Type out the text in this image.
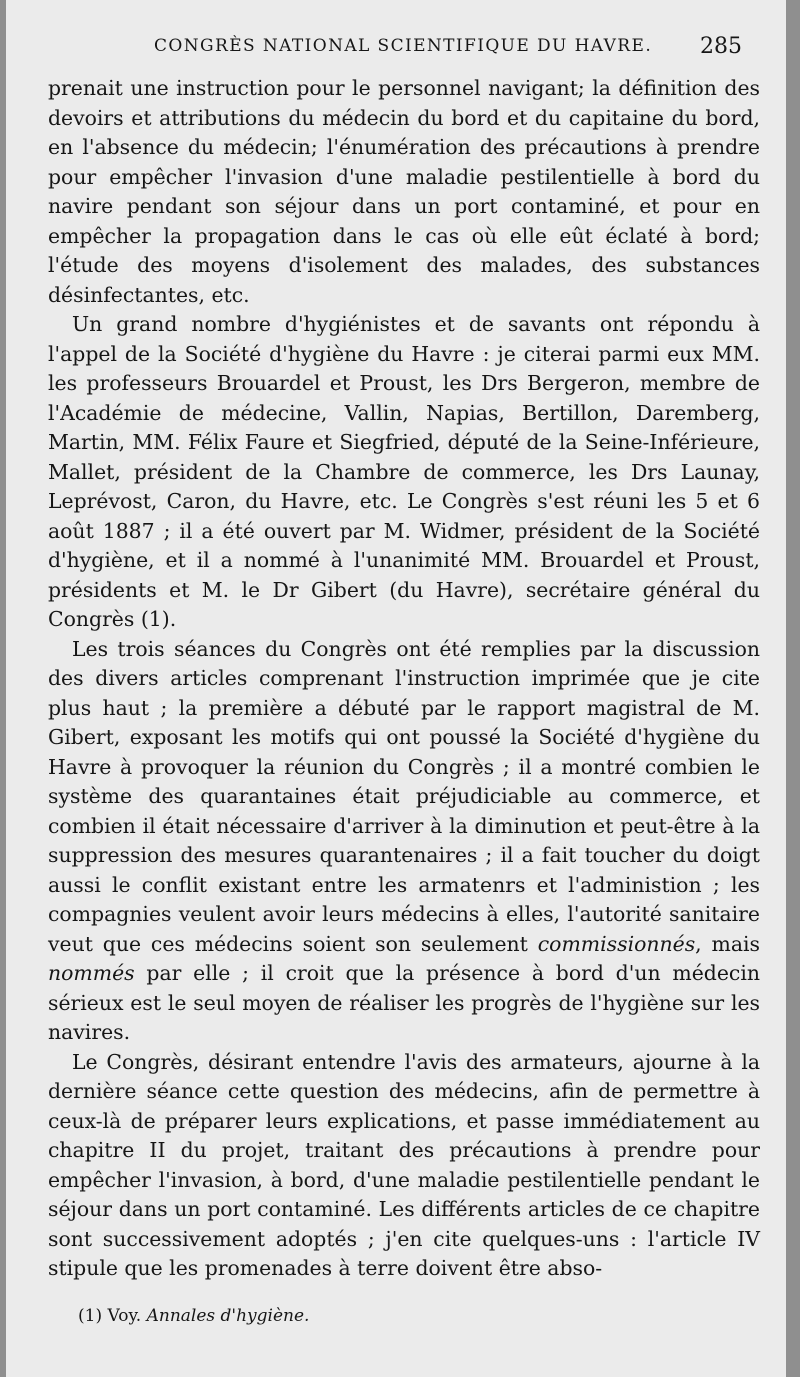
CONGRÈS NATIONAL SCIENTIFIQUE DU HAVRE. 285

prenait une instruction pour le personnel navigant; la définition des devoirs et attributions du médecin du bord et du capitaine du bord, en l'absence du médecin; l'énumération des précautions à prendre pour empêcher l'invasion d'une maladie pestilentielle à bord du navire pendant son séjour dans un port contaminé, et pour en empêcher la propagation dans le cas où elle eût éclaté à bord; l'étude des moyens d'isolement des malades, des substances désinfectantes, etc.

Un grand nombre d'hygiénistes et de savants ont répondu à l'appel de la Société d'hygiène du Havre : je citerai parmi eux MM. les professeurs Brouardel et Proust, les Drs Bergeron, membre de l'Académie de médecine, Vallin, Napias, Bertillon, Daremberg, Martin, MM. Félix Faure et Siegfried, député de la Seine-Inférieure, Mallet, président de la Chambre de commerce, les Drs Launay, Leprévost, Caron, du Havre, etc. Le Congrès s'est réuni les 5 et 6 août 1887 ; il a été ouvert par M. Widmer, président de la Société d'hygiène, et il a nommé à l'unanimité MM. Brouardel et Proust, présidents et M. le Dr Gibert (du Havre), secrétaire général du Congrès (1).

Les trois séances du Congrès ont été remplies par la discussion des divers articles comprenant l'instruction imprimée que je cite plus haut ; la première a débuté par le rapport magistral de M. Gibert, exposant les motifs qui ont poussé la Société d'hygiène du Havre à provoquer la réunion du Congrès ; il a montré combien le système des quarantaines était préjudiciable au commerce, et combien il était nécessaire d'arriver à la diminution et peut-être à la suppression des mesures quarantenaires ; il a fait toucher du doigt aussi le conflit existant entre les armatenrs et l'administion ; les compagnies veulent avoir leurs médecins à elles, l'autorité sanitaire veut que ces médecins soient son seulement commissionnés, mais nommés par elle ; il croit que la présence à bord d'un médecin sérieux est le seul moyen de réaliser les progrès de l'hygiène sur les navires.

Le Congrès, désirant entendre l'avis des armateurs, ajourne à la dernière séance cette question des médecins, afin de permettre à ceux-là de préparer leurs explications, et passe immédiatement au chapitre II du projet, traitant des précautions à prendre pour empêcher l'invasion, à bord, d'une maladie pestilentielle pendant le séjour dans un port contaminé. Les différents articles de ce chapitre sont successivement adoptés ; j'en cite quelques-uns : l'article IV stipule que les promenades à terre doivent être abso-

(1) Voy. Annales d'hygiène.
